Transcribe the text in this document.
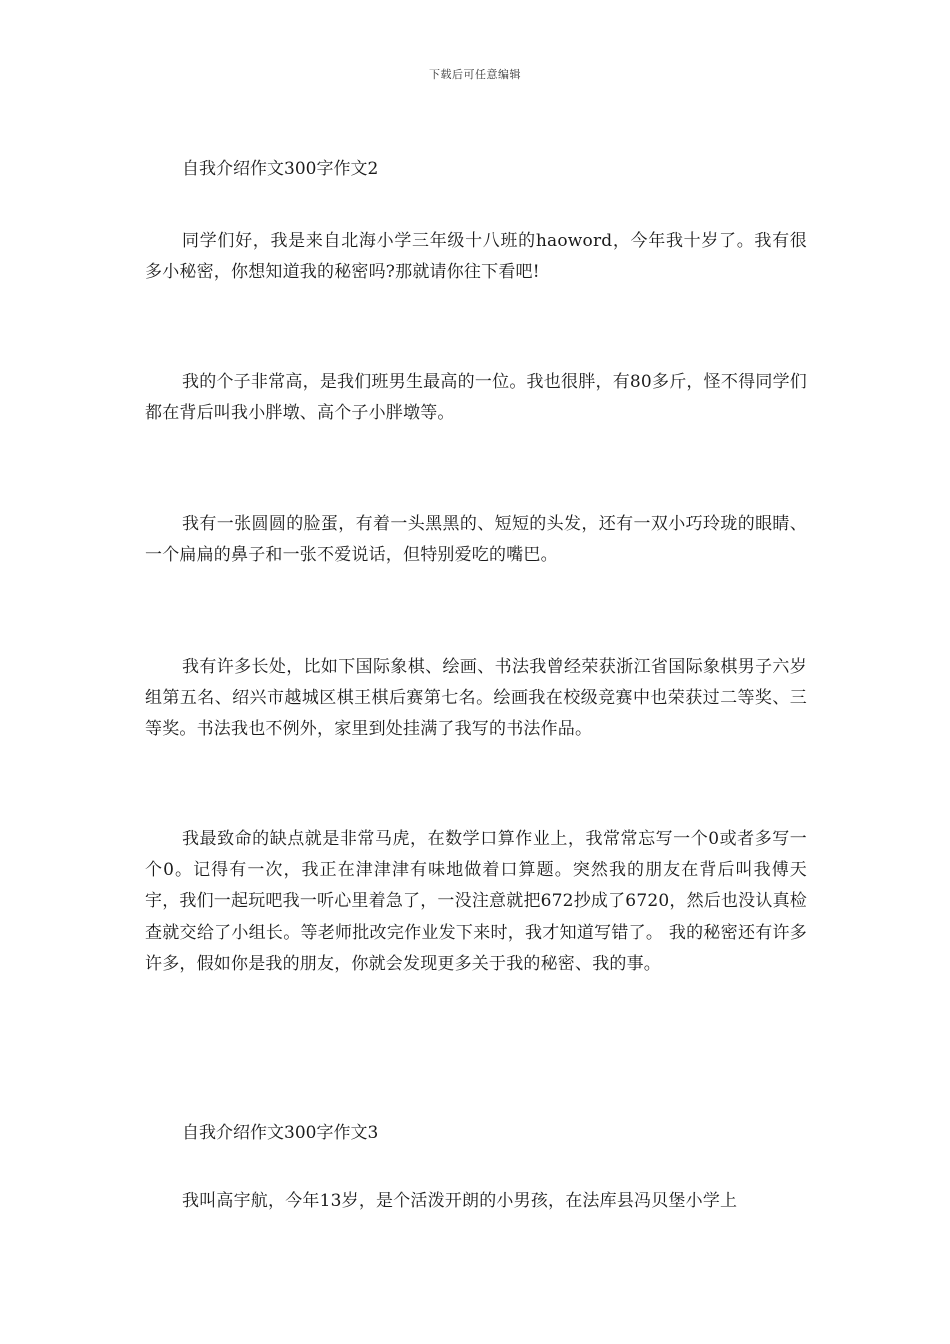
下载后可任意编辑
自我介绍作文300字作文2

同学们好，我是来自北海小学三年级十八班的haoword，今年我十岁了。我有很多小秘密，你想知道我的秘密吗?那就请你往下看吧!

我的个子非常高，是我们班男生最高的一位。我也很胖，有80多斤，怪不得同学们都在背后叫我小胖墩、高个子小胖墩等。

我有一张圆圆的脸蛋，有着一头黑黑的、短短的头发，还有一双小巧玲珑的眼睛、一个扁扁的鼻子和一张不爱说话，但特别爱吃的嘴巴。

我有许多长处，比如下国际象棋、绘画、书法我曾经荣获浙江省国际象棋男子六岁组第五名、绍兴市越城区棋王棋后赛第七名。绘画我在校级竞赛中也荣获过二等奖、三等奖。书法我也不例外，家里到处挂满了我写的书法作品。

我最致命的缺点就是非常马虎，在数学口算作业上，我常常忘写一个0或者多写一个0。记得有一次，我正在津津津有味地做着口算题。突然我的朋友在背后叫我傅天宇，我们一起玩吧我一听心里着急了，一没注意就把672抄成了6720，然后也没认真检查就交给了小组长。等老师批改完作业发下来时，我才知道写错了。 我的秘密还有许多许多，假如你是我的朋友，你就会发现更多关于我的秘密、我的事。

自我介绍作文300字作文3

我叫高宇航，今年13岁，是个活泼开朗的小男孩，在法库县冯贝堡小学上
